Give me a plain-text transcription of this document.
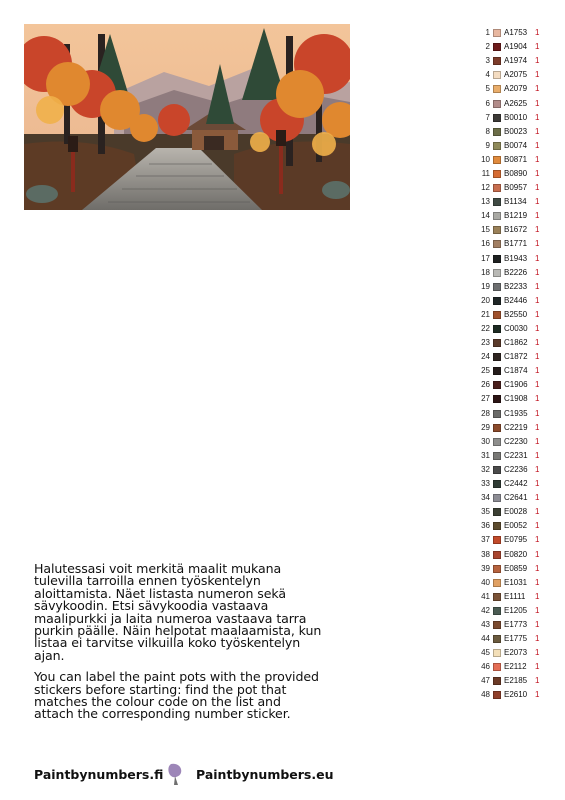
1 A1753 1
2 A1904 1
3 A1974 1
4 A2075 1
5 A2079 1
6 A2625 1
7 B0010 1
8 B0023 1
9 B0074 1
10 B0871 1
11 B0890 1
12 B0957 1
13 B1134	1
14 B1219 1
15 B1672 1
16 B1771 1
17 B1943 1
18 B2226 1
19 B2233 1
20 B2446 1
21 B2550 1
22 C0030 1
23 C1862 1
24 C1872 1
25 C1874 1
26 C1906 1
27 C1908 1
28 C1935 1
29 C2219 1
30 C2230 1
31 C2231 1
32 C2236 1
33 C2442 1
34 C2641 1
35 E0028 1
36 E0052 1
37 E0795 1
38 E0820 1
39 E0859 1
40 E1031 1
41 E1111	1
42 E1205 1
43 E1773 1
44 E1775 1
45 E2073 1
46 E2112	1
47 E2185 1
48 E2610 1

Halutessasi voit merkitä maalit mukana tulevilla tarroilla ennen työskentelyn aloittamista. Näet listasta numeron sekä sävykoodin. Etsi sävykoodia vastaava maalipurkki ja laita numeroa vastaava tarra purkin päälle. Näin helpotat maalaamista, kun listaa ei tarvitse vilkuilla koko työskentelyn ajan.

You can label the paint pots with the provided stickers before starting: find the pot that matches the colour code on the list and attach the corresponding number sticker.

Paintbynumbers.fi	Paintbynumbers.eu
